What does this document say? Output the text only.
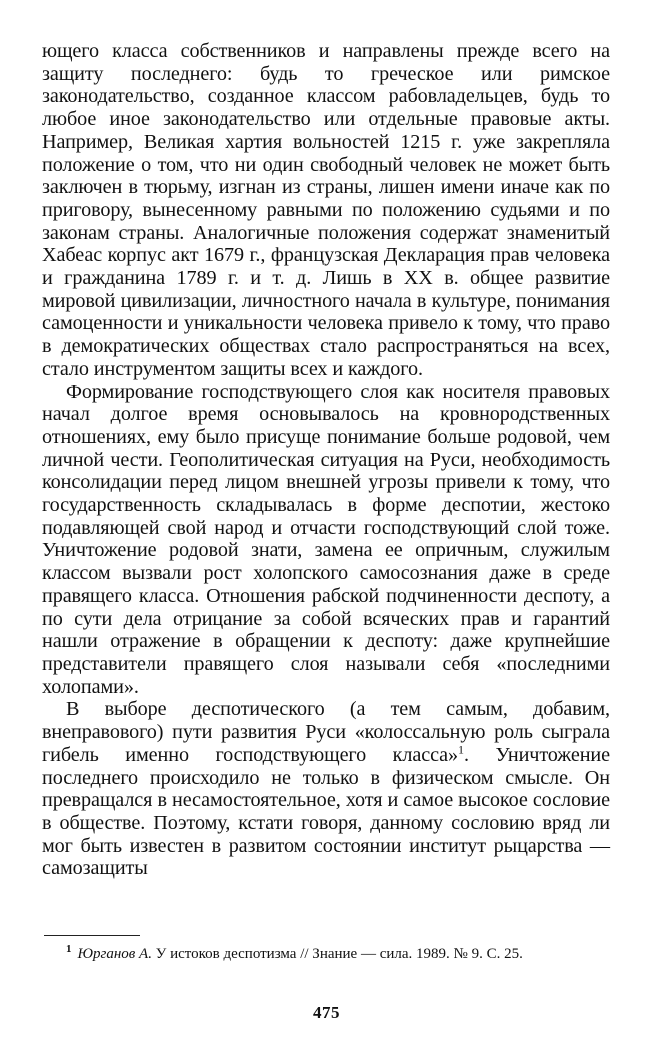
ющего класса собственников и направлены прежде всего на защиту последнего: будь то греческое или римское законодательство, созданное классом рабовладельцев, будь то любое иное законодательство или отдельные правовые акты. Например, Великая хартия вольностей 1215 г. уже закрепляла положение о том, что ни один свободный человек не может быть заключен в тюрьму, изгнан из страны, лишен имени иначе как по приговору, вынесенному равными по положению судьями и по законам страны. Аналогичные положения содержат знаменитый Хабеас корпус акт 1679 г., французская Декларация прав человека и гражданина 1789 г. и т. д. Лишь в XX в. общее развитие мировой цивилизации, личностного начала в культуре, понимания самоценности и уникальности человека привело к тому, что право в демократических обществах стало распространяться на всех, стало инструментом защиты всех и каждого.

Формирование господствующего слоя как носителя правовых начал долгое время основывалось на кровнородственных отношениях, ему было присуще понимание больше родовой, чем личной чести. Геополитическая ситуация на Руси, необходимость консолидации перед лицом внешней угрозы привели к тому, что государственность складывалась в форме деспотии, жестоко подавляющей свой народ и отчасти господствующий слой тоже. Уничтожение родовой знати, замена ее опричным, служилым классом вызвали рост холопского самосознания даже в среде правящего класса. Отношения рабской подчиненности деспоту, а по сути дела отрицание за собой всяческих прав и гарантий нашли отражение в обращении к деспоту: даже крупнейшие представители правящего слоя называли себя «последними холопами».

В выборе деспотического (а тем самым, добавим, внеправового) пути развития Руси «колоссальную роль сыграла гибель именно господствующего класса»$^1$. Уничтожение последнего происходило не только в физическом смысле. Он превращался в несамостоятельное, хотя и самое высокое сословие в обществе. Поэтому, кстати говоря, данному сословию вряд ли мог быть известен в развитом состоянии институт рыцарства — самозащиты

$^1$ Юрганов А. У истоков деспотизма // Знание — сила. 1989. № 9. С. 25.
475
